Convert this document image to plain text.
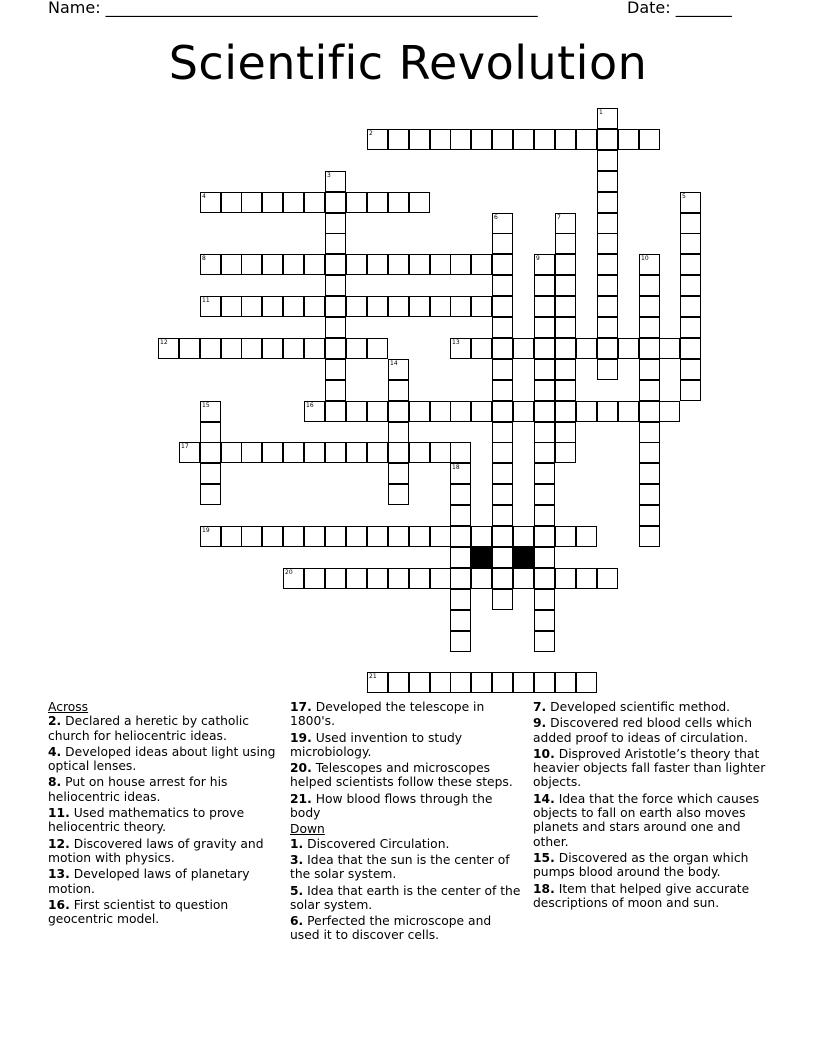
Name: ______________________________________________________	Date: _______
Scientific Revolution
1
2
3
4	5
6	7
8	9	10
11
12	13
14
15	16
17
18
19
20
21
Across
2. Declared a heretic by catholic church for heliocentric ideas.
4. Developed ideas about light using optical lenses.
8. Put on house arrest for his heliocentric ideas.
11. Used mathematics to prove heliocentric theory.
12. Discovered laws of gravity and motion with physics.
13. Developed laws of planetary motion.
16. First scientist to question geocentric model.
17. Developed the telescope in 1800's.
19. Used invention to study microbiology.
20. Telescopes and microscopes helped scientists follow these steps.
21. How blood flows through the body
Down
1. Discovered Circulation.
3. Idea that the sun is the center of the solar system.
5. Idea that earth is the center of the solar system.
6. Perfected the microscope and used it to discover cells.
7. Developed scientific method.
9. Discovered red blood cells which added proof to ideas of circulation.
10. Disproved Aristotle’s theory that heavier objects fall faster than lighter objects.
14. Idea that the force which causes objects to fall on earth also moves planets and stars around one and other.
15. Discovered as the organ which pumps blood around the body.
18. Item that helped give accurate descriptions of moon and sun.
